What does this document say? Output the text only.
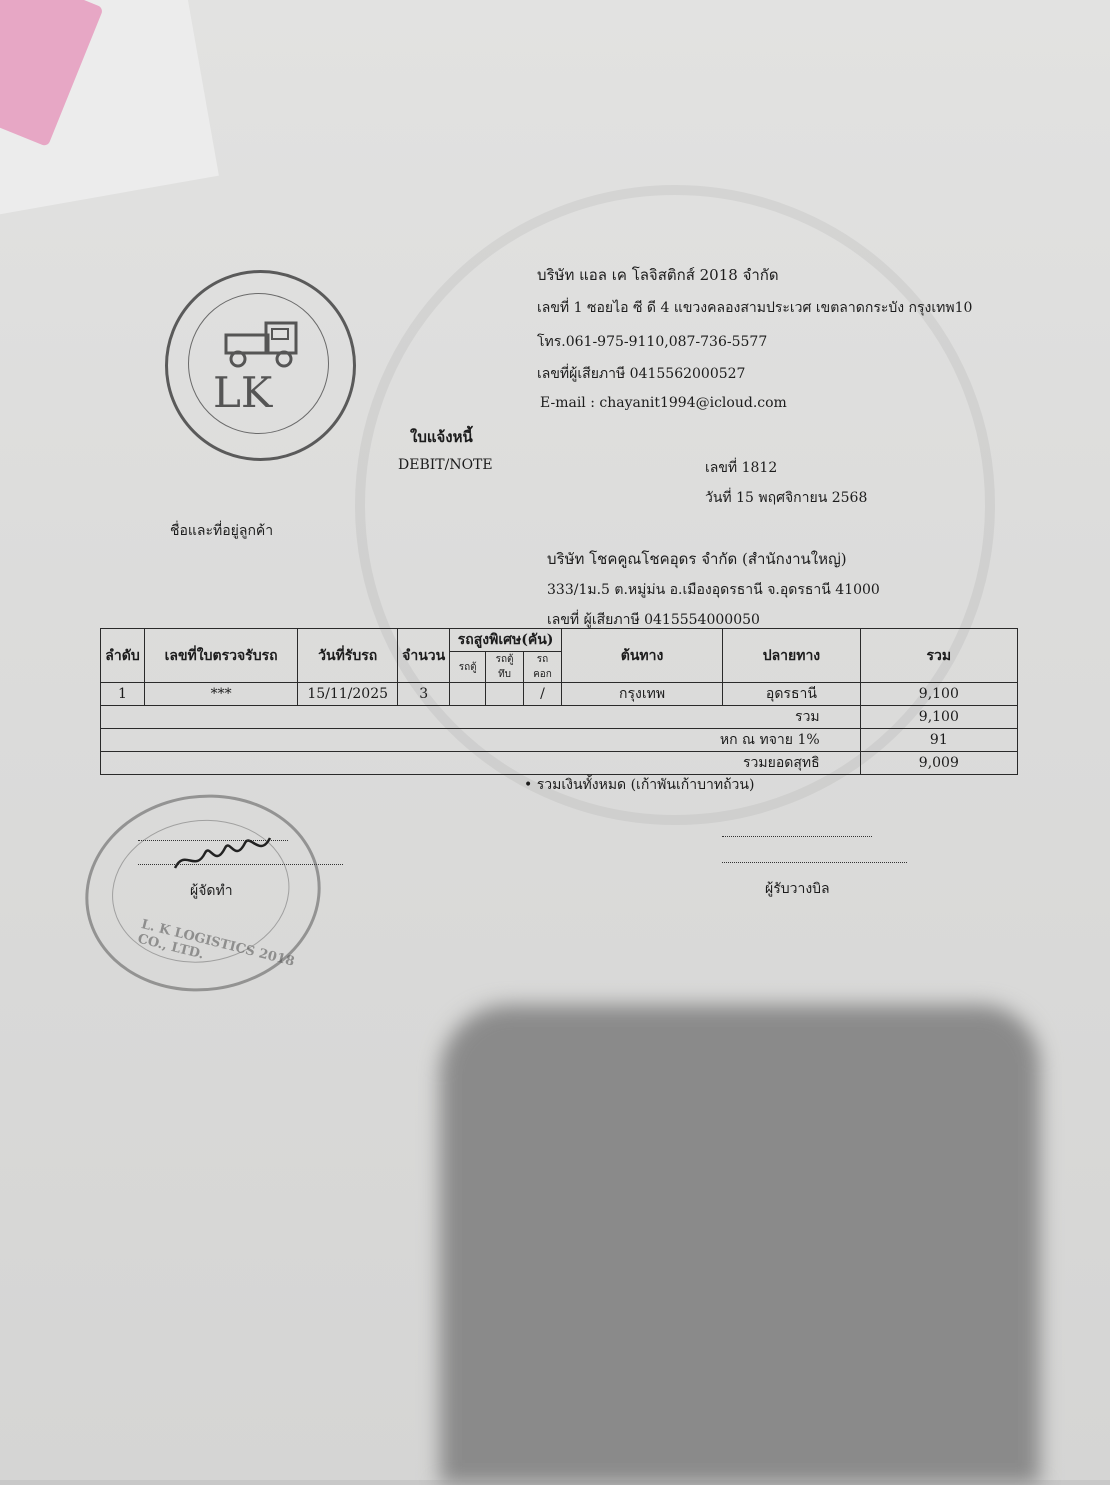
LK
บริษัท แอล เค โลจิสติกส์ 2018 จำกัด
เลขที่ 1 ซอยไอ ซี ดี 4 แขวงคลองสามประเวศ เขตลาดกระบัง กรุงเทพ10
โทร.061-975-9110,087-736-5577
เลขที่ผู้เสียภาษี 0415562000527
E-mail : chayanit1994@icloud.com
ใบแจ้งหนี้
DEBIT/NOTE	เลขที่ 1812
วันที่ 15 พฤศจิกายน 2568
ชื่อและที่อยู่ลูกค้า
บริษัท โชคคูณโชคอุดร จำกัด (สำนักงานใหญ่)
333/1ม.5 ต.หมู่ม่น อ.เมืองอุดรธานี จ.อุดรธานี 41000
เลขที่ ผู้เสียภาษี 0415554000050
ลำดับ	เลขที่ใบตรวจรับรถ	วันที่รับรถ	จำนวน	รถสูงพิเศษ(คัน)			ต้นทาง	ปลายทาง	รวม
				รถตู้	รถตู้ทึบ	รถคอก			
1	***	15/11/2025	3			/	กรุงเทพ	อุดรธานี	9,100
รวม									9,100
หก ณ ทจาย 1%									91
รวมยอดสุทธิ									9,009
• รวมเงินทั้งหมด (เก้าพันเก้าบาทถ้วน)
L. K LOGISTICS 2018 CO., LTD.
ผู้จัดทำ	ผู้รับวางบิล
